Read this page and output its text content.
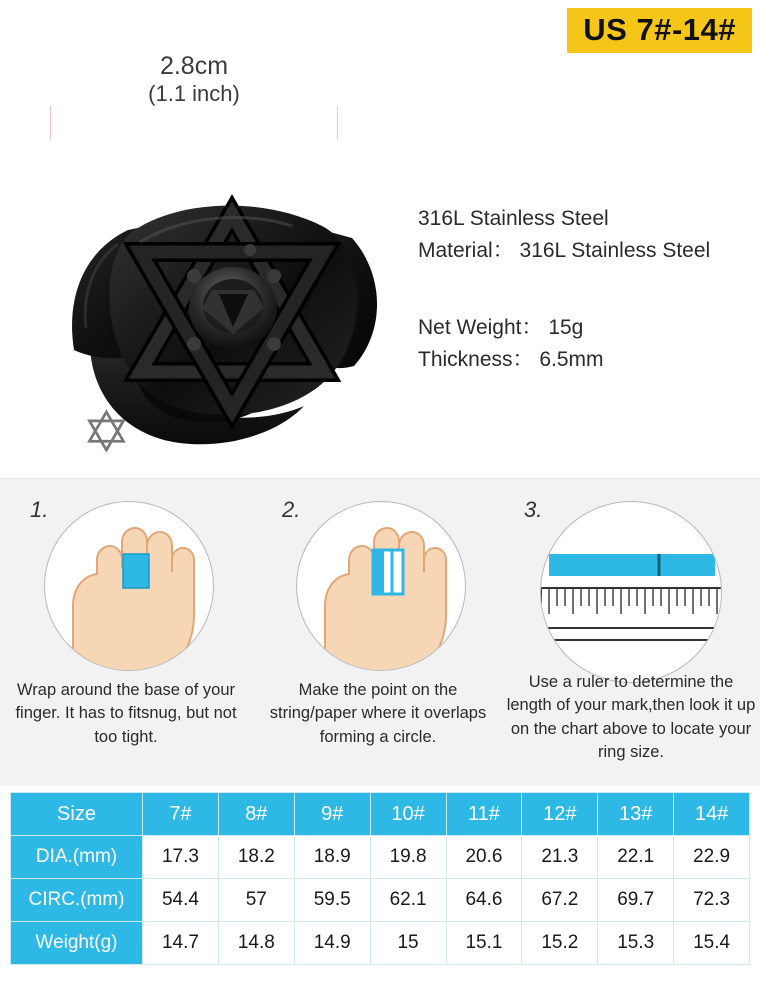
US 7#-14#
2.8cm
(1.1 inch)
316L Stainless Steel
Material： 316L Stainless Steel
Net Weight： 15g
Thickness： 6.5mm
1.
Wrap around the base of your finger. It has to fitsnug, but not too tight.
2.
Make the point on the string/paper where it overlaps forming a circle.
3.
Use a ruler to determine the length of your mark,then look it up on the chart above to locate your ring size.
Size	7#	8#	9#	10#	11#	12#	13#	14#
DIA.(mm)	17.3	18.2	18.9	19.8	20.6	21.3	22.1	22.9
CIRC.(mm)	54.4	57	59.5	62.1	64.6	67.2	69.7	72.3
Weight(g)	14.7	14.8	14.9	15	15.1	15.2	15.3	15.4
